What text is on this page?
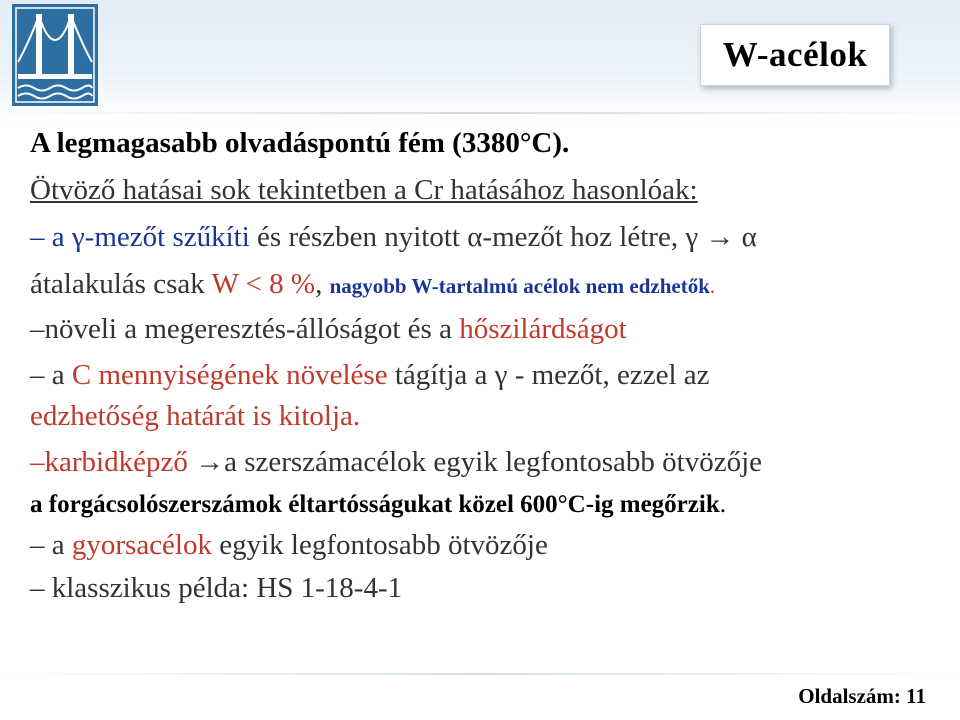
W-acélok
A legmagasabb olvadáspontú fém (3380°C).
Ötvöző hatásai sok tekintetben a Cr hatásához hasonlóak:
– a γ-mezőt szűkíti és részben nyitott α-mezőt hoz létre, γ → α
átalakulás csak W < 8 %, nagyobb W-tartalmú acélok nem edzhetők.
–növeli a megeresztés-állóságot és a hőszilárdságot
– a C mennyiségének növelése tágítja a γ - mezőt, ezzel az
edzhetőség határát is kitolja.
–karbidképző →a szerszámacélok egyik legfontosabb ötvözője
a forgácsolószerszámok éltartósságukat közel 600°C-ig megőrzik.
– a gyorsacélok egyik legfontosabb ötvözője
– klasszikus példa: HS 1-18-4-1
Oldalszám: 11
